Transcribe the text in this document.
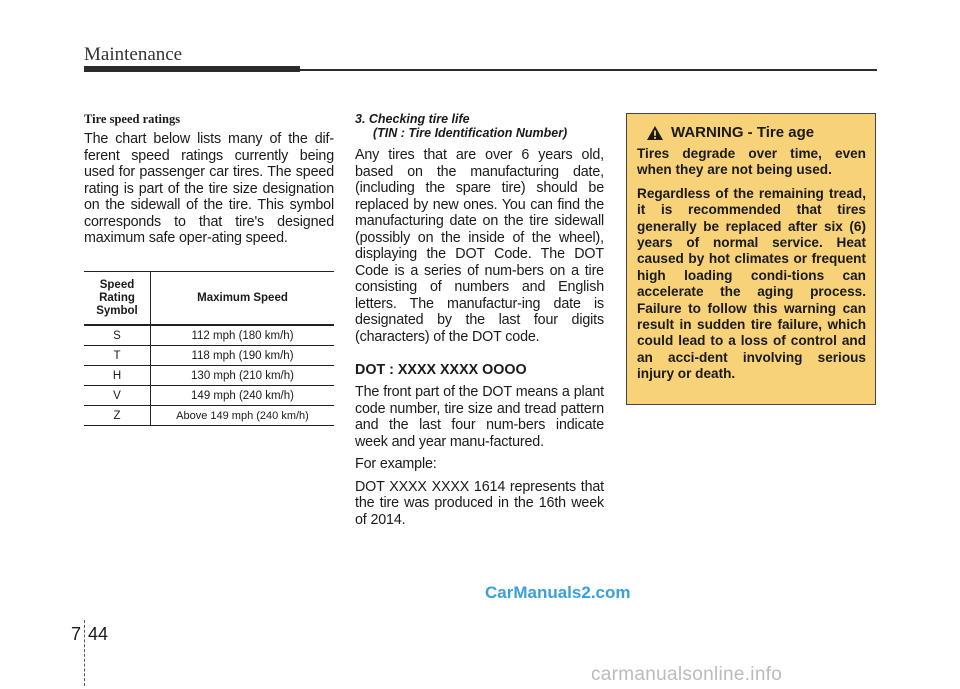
Maintenance

Tire speed ratings

The chart below lists many of the dif-ferent speed ratings currently being used for passenger car tires. The speed rating is part of the tire size designation on the sidewall of the tire. This symbol corresponds to that tire's designed maximum safe oper-ating speed.

Speed Rating Symbol	Maximum Speed
S	112 mph (180 km/h)
T	118 mph (190 km/h)
H	130 mph (210 km/h)
V	149 mph (240 km/h)
Z	Above 149 mph (240 km/h)

3. Checking tire life

(TIN : Tire Identification Number)

Any tires that are over 6 years old, based on the manufacturing date, (including the spare tire) should be replaced by new ones. You can find the manufacturing date on the tire sidewall (possibly on the inside of the wheel), displaying the DOT Code. The DOT Code is a series of num-bers on a tire consisting of numbers and English letters. The manufactur-ing date is designated by the last four digits (characters) of the DOT code.

DOT : XXXX XXXX OOOO

The front part of the DOT means a plant code number, tire size and tread pattern and the last four num-bers indicate week and year manu-factured.

For example:

DOT XXXX XXXX 1614 represents that the tire was produced in the 16th week of 2014.

WARNING - Tire age

Tires degrade over time, even when they are not being used.

Regardless of the remaining tread, it is recommended that tires generally be replaced after six (6) years of normal service. Heat caused by hot climates or frequent high loading condi-tions can accelerate the aging process. Failure to follow this warning can result in sudden tire failure, which could lead to a loss of control and an acci-dent involving serious injury or death.

CarManuals2.com
7 44
carmanualsonline.info
